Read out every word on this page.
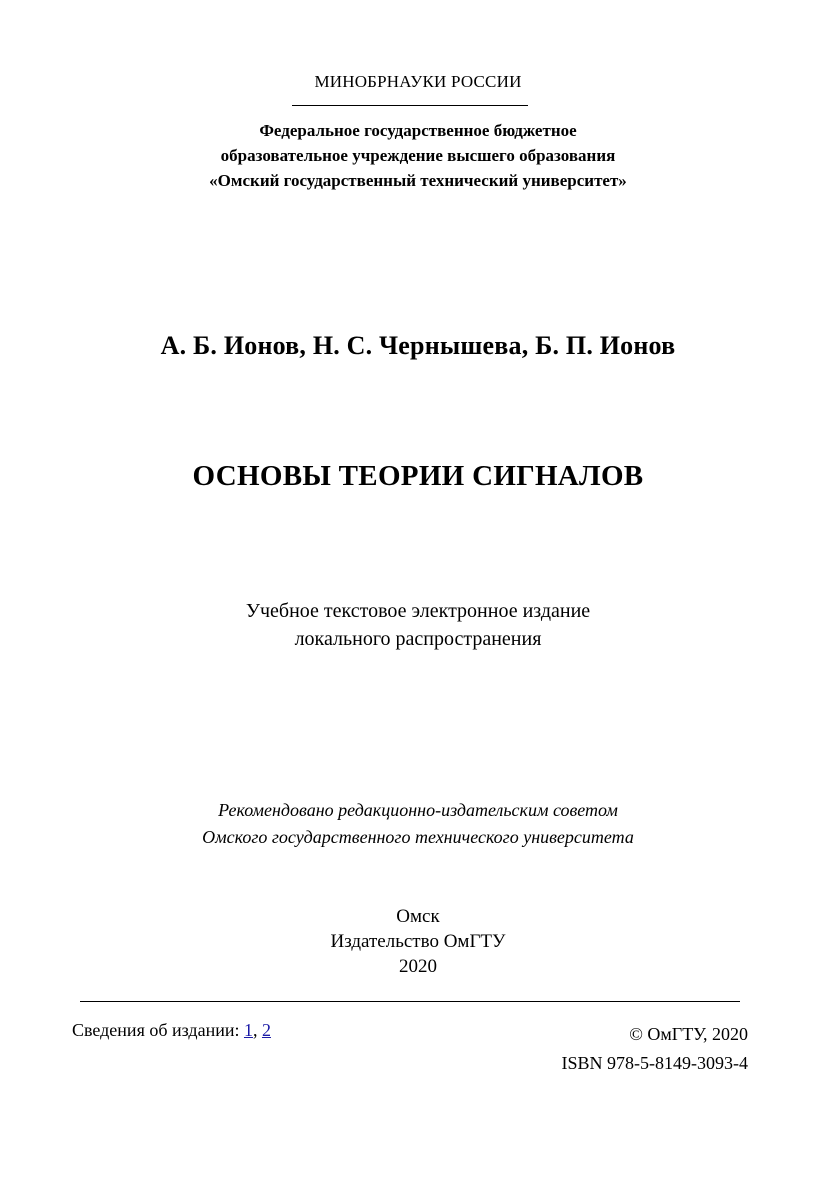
МИНОБРНАУКИ РОССИИ
Федеральное государственное бюджетное
образовательное учреждение высшего образования
«Омский государственный технический университет»
А. Б. Ионов, Н. С. Чернышева, Б. П. Ионов
ОСНОВЫ ТЕОРИИ СИГНАЛОВ
Учебное текстовое электронное издание
локального распространения
Рекомендовано редакционно-издательским советом
Омского государственного технического университета
Омск
Издательство ОмГТУ
2020
Сведения об издании: 1, 2	© ОмГТУ, 2020
ISBN 978-5-8149-3093-4
